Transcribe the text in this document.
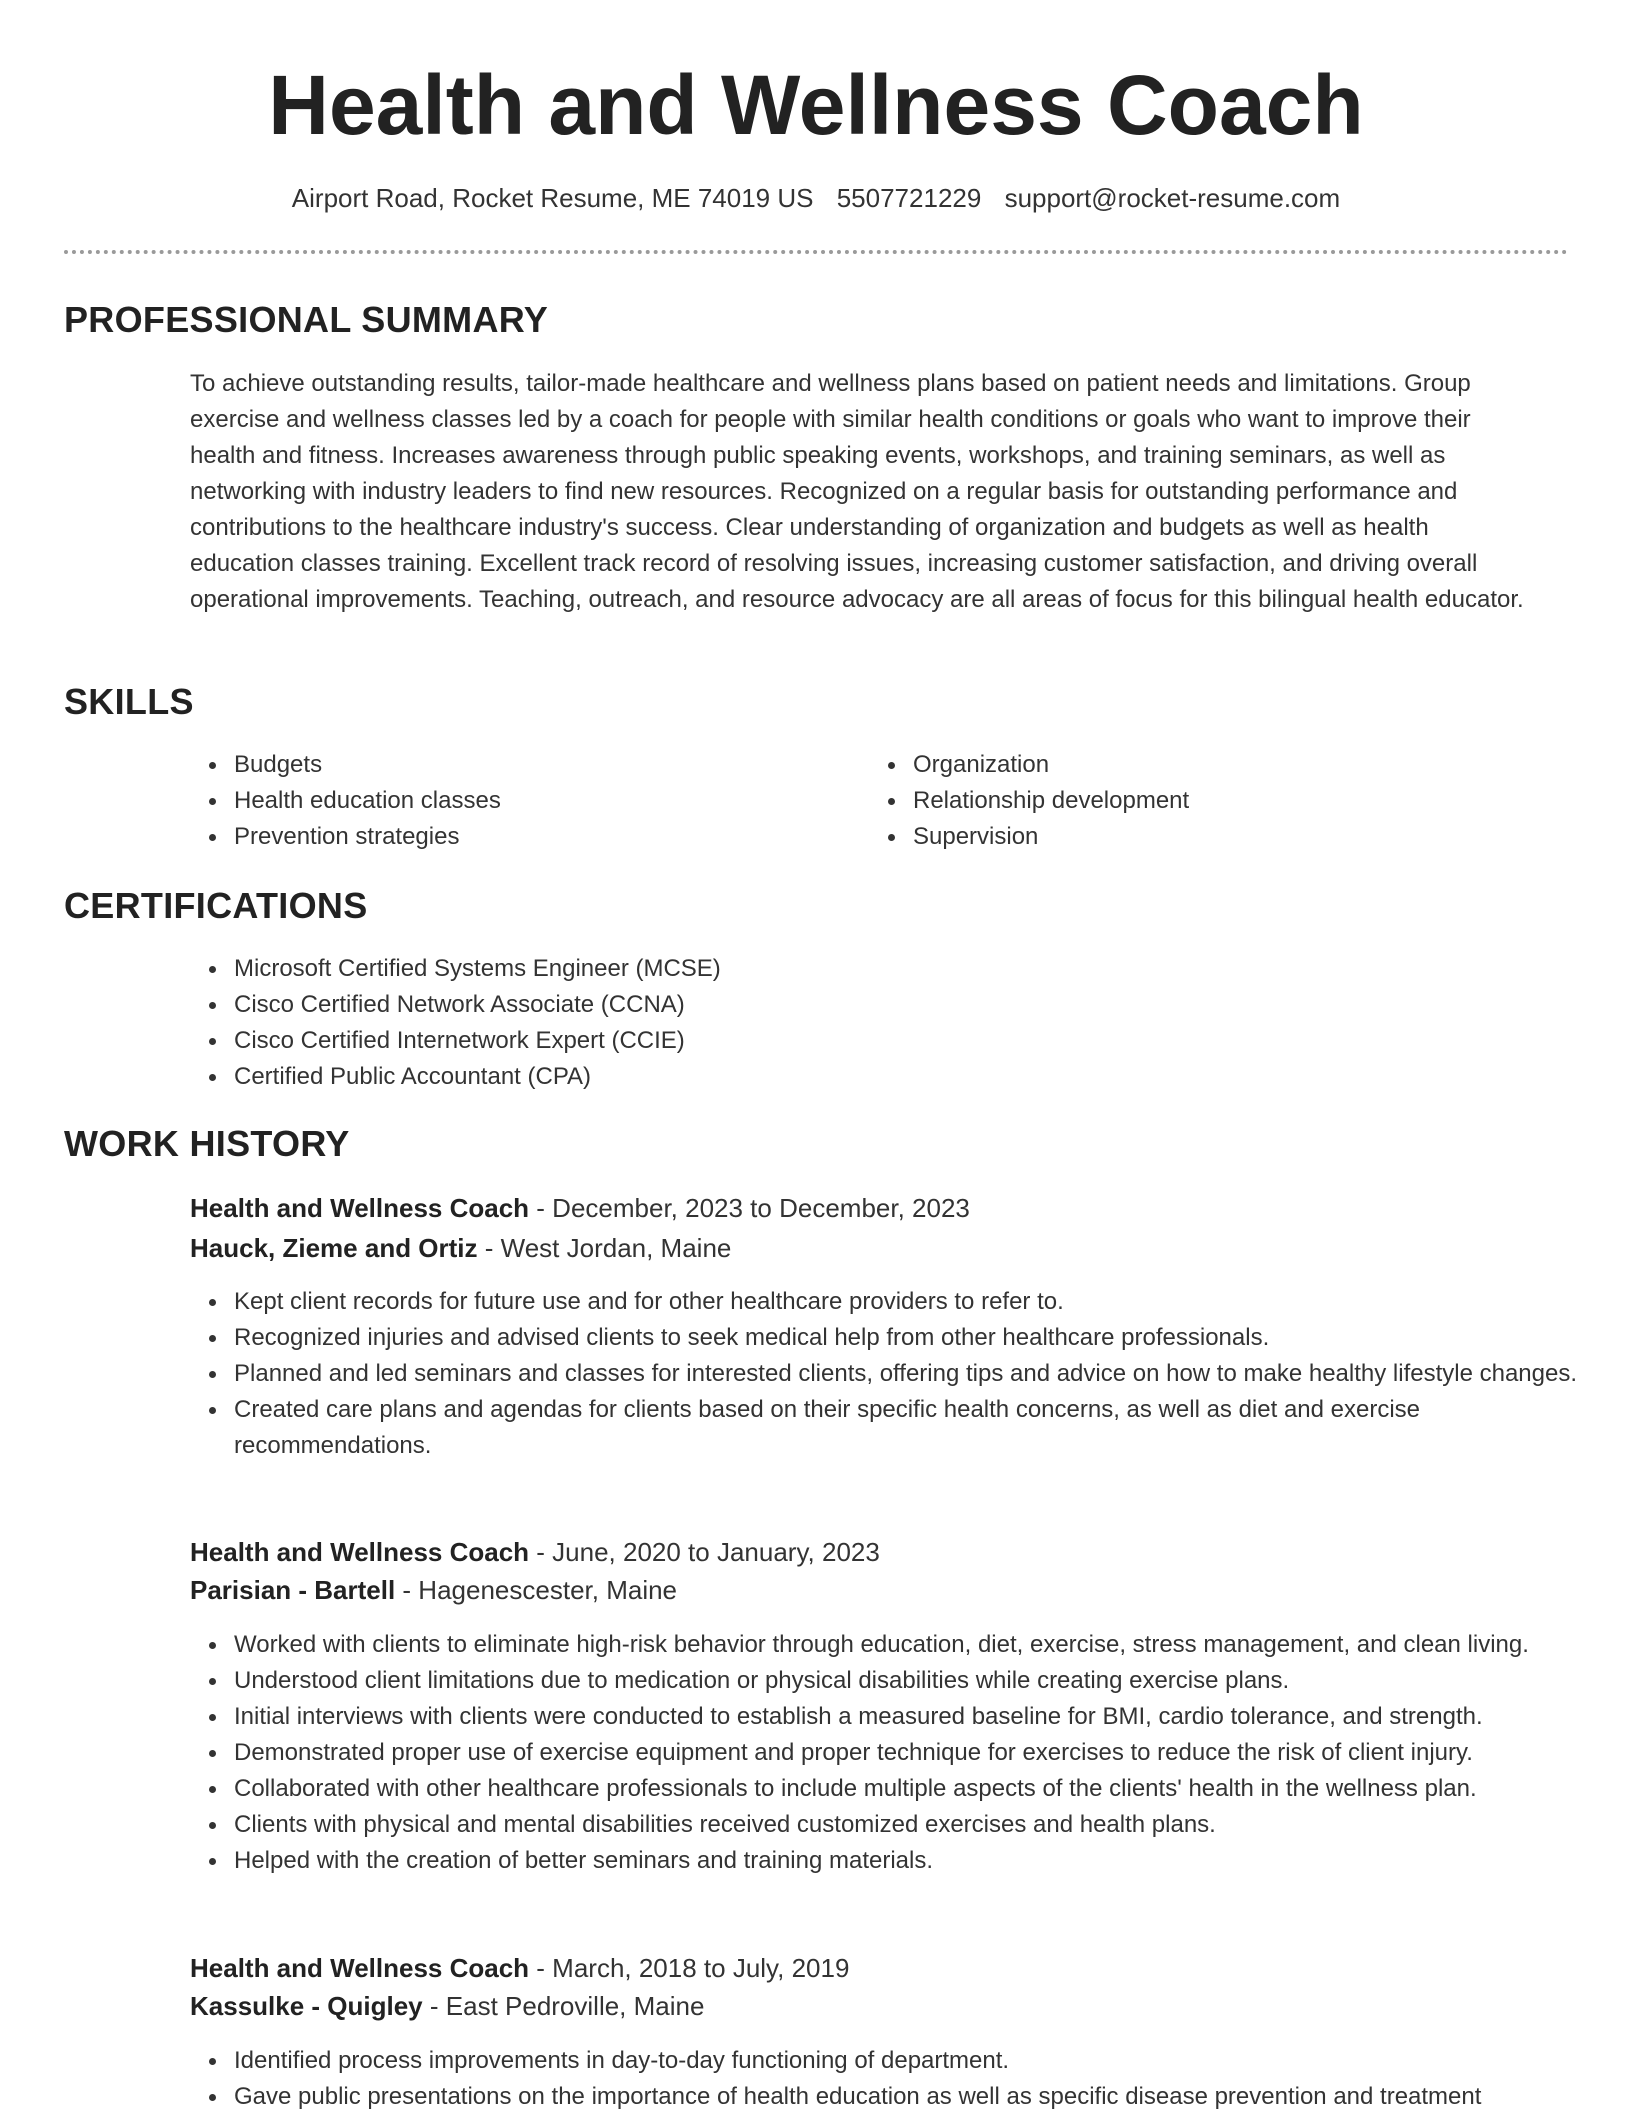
Health and Wellness Coach
Airport Road, Rocket Resume, ME 74019 US 5507721229 support@rocket-resume.com
PROFESSIONAL SUMMARY

To achieve outstanding results, tailor-made healthcare and wellness plans based on patient needs and limitations. Group exercise and wellness classes led by a coach for people with similar health conditions or goals who want to improve their health and fitness. Increases awareness through public speaking events, workshops, and training seminars, as well as networking with industry leaders to find new resources. Recognized on a regular basis for outstanding performance and contributions to the healthcare industry's success. Clear understanding of organization and budgets as well as health education classes training. Excellent track record of resolving issues, increasing customer satisfaction, and driving overall operational improvements. Teaching, outreach, and resource advocacy are all areas of focus for this bilingual health educator.

SKILLS
Budgets
Health education classes
Prevention strategies
Organization
Relationship development
Supervision
CERTIFICATIONS
Microsoft Certified Systems Engineer (MCSE)
Cisco Certified Network Associate (CCNA)
Cisco Certified Internetwork Expert (CCIE)
Certified Public Accountant (CPA)
WORK HISTORY
Health and Wellness Coach - December, 2023 to December, 2023
Hauck, Zieme and Ortiz - West Jordan, Maine
Kept client records for future use and for other healthcare providers to refer to.
Recognized injuries and advised clients to seek medical help from other healthcare professionals.
Planned and led seminars and classes for interested clients, offering tips and advice on how to make healthy lifestyle changes.
Created care plans and agendas for clients based on their specific health concerns, as well as diet and exercise recommendations.
Health and Wellness Coach - June, 2020 to January, 2023
Parisian - Bartell - Hagenescester, Maine
Worked with clients to eliminate high-risk behavior through education, diet, exercise, stress management, and clean living.
Understood client limitations due to medication or physical disabilities while creating exercise plans.
Initial interviews with clients were conducted to establish a measured baseline for BMI, cardio tolerance, and strength.
Demonstrated proper use of exercise equipment and proper technique for exercises to reduce the risk of client injury.
Collaborated with other healthcare professionals to include multiple aspects of the clients' health in the wellness plan.
Clients with physical and mental disabilities received customized exercises and health plans.
Helped with the creation of better seminars and training materials.
Health and Wellness Coach - March, 2018 to July, 2019
Kassulke - Quigley - East Pedroville, Maine
Identified process improvements in day-to-day functioning of department.
Gave public presentations on the importance of health education as well as specific disease prevention and treatment
